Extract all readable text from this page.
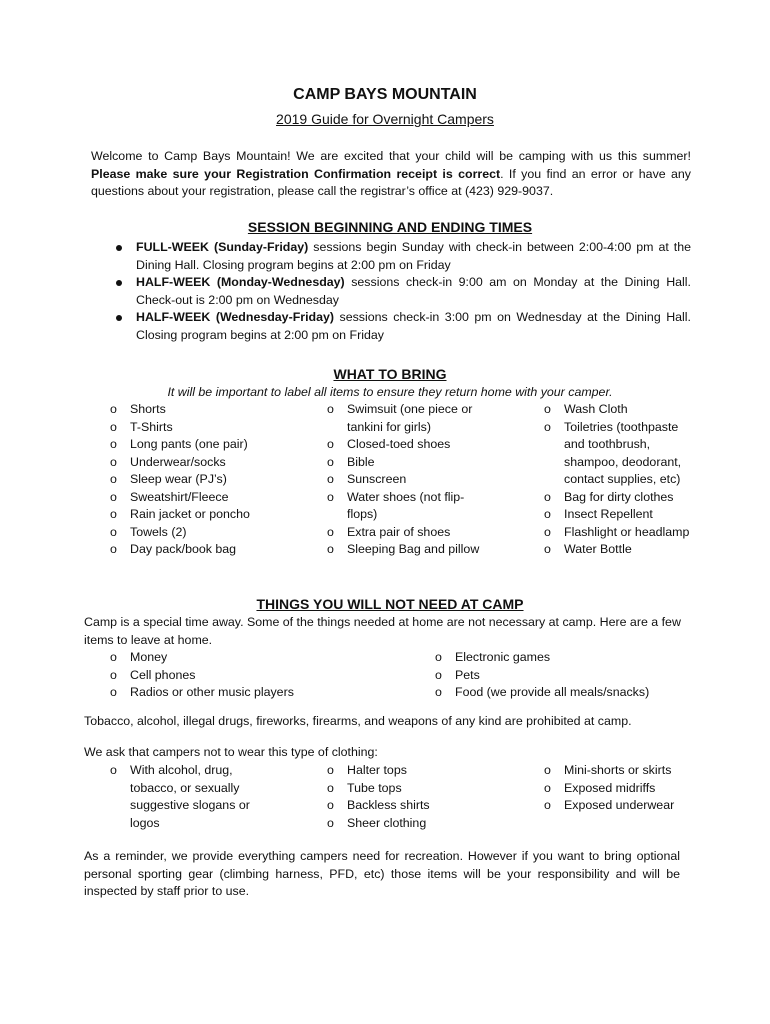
CAMP BAYS MOUNTAIN
2019 Guide for Overnight Campers
Welcome to Camp Bays Mountain! We are excited that your child will be camping with us this summer! Please make sure your Registration Confirmation receipt is correct. If you find an error or have any questions about your registration, please call the registrar’s office at (423) 929-9037.
SESSION BEGINNING AND ENDING TIMES
FULL-WEEK (Sunday-Friday) sessions begin Sunday with check-in between 2:00-4:00 pm at the Dining Hall. Closing program begins at 2:00 pm on Friday
HALF-WEEK (Monday-Wednesday) sessions check-in 9:00 am on Monday at the Dining Hall. Check-out is 2:00 pm on Wednesday
HALF-WEEK (Wednesday-Friday) sessions check-in 3:00 pm on Wednesday at the Dining Hall. Closing program begins at 2:00 pm on Friday
WHAT TO BRING
It will be important to label all items to ensure they return home with your camper.
o Shorts
o T-Shirts
o Long pants (one pair)
o Underwear/socks
o Sleep wear (PJ’s)
o Sweatshirt/Fleece
o Rain jacket or poncho
o Towels (2)
o Day pack/book bag
o Swimsuit (one piece or tankini for girls)
o Closed-toed shoes
o Bible
o Sunscreen
o Water shoes (not flip-flops)
o Extra pair of shoes
o Sleeping Bag and pillow
o Wash Cloth
o Toiletries (toothpaste and toothbrush, shampoo, deodorant, contact supplies, etc)
o Bag for dirty clothes
o Insect Repellent
o Flashlight or headlamp
o Water Bottle
THINGS YOU WILL NOT NEED AT CAMP
Camp is a special time away. Some of the things needed at home are not necessary at camp. Here are a few items to leave at home.
o Money
o Cell phones
o Radios or other music players
o Electronic games
o Pets
o Food (we provide all meals/snacks)
Tobacco, alcohol, illegal drugs, fireworks, firearms, and weapons of any kind are prohibited at camp.
We ask that campers not to wear this type of clothing:
o With alcohol, drug, tobacco, or sexually suggestive slogans or logos
o Halter tops
o Tube tops
o Backless shirts
o Sheer clothing
o Mini-shorts or skirts
o Exposed midriffs
o Exposed underwear
As a reminder, we provide everything campers need for recreation. However if you want to bring optional personal sporting gear (climbing harness, PFD, etc) those items will be your responsibility and will be inspected by staff prior to use.
